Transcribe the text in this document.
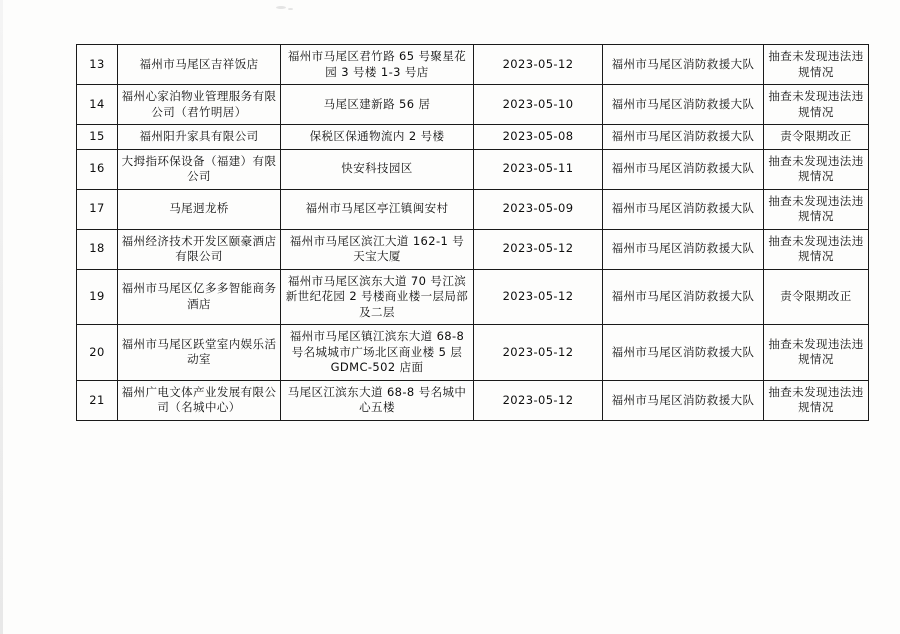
13	福州市马尾区吉祥饭店	福州市马尾区君竹路 65 号聚星花园 3 号楼 1-3 号店	2023-05-12	福州市马尾区消防救援大队	抽查未发现违法违规情况
14	福州心家泊物业管理服务有限公司（君竹明居）	马尾区建新路 56 居	2023-05-10	福州市马尾区消防救援大队	抽查未发现违法违规情况
15	福州阳升家具有限公司	保税区保通物流内 2 号楼	2023-05-08	福州市马尾区消防救援大队	责令限期改正
16	大拇指环保设备（福建）有限公司	快安科技园区	2023-05-11	福州市马尾区消防救援大队	抽查未发现违法违规情况
17	马尾迥龙桥	福州市马尾区亭江镇闽安村	2023-05-09	福州市马尾区消防救援大队	抽查未发现违法违规情况
18	福州经济技术开发区颐豪酒店有限公司	福州市马尾区滨江大道 162-1 号天宝大厦	2023-05-12	福州市马尾区消防救援大队	抽查未发现违法违规情况
19	福州市马尾区亿多多智能商务酒店	福州市马尾区滨东大道 70 号江滨新世纪花园 2 号楼商业楼一层局部及二层	2023-05-12	福州市马尾区消防救援大队	责令限期改正
20	福州市马尾区跃堂室内娱乐活动室	福州市马尾区镇江滨东大道 68-8 号名城城市广场北区商业楼 5 层 GDMC-502 店面	2023-05-12	福州市马尾区消防救援大队	抽查未发现违法违规情况
21	福州广电文体产业发展有限公司（名城中心）	马尾区江滨东大道 68-8 号名城中心五楼	2023-05-12	福州市马尾区消防救援大队	抽查未发现违法违规情况
